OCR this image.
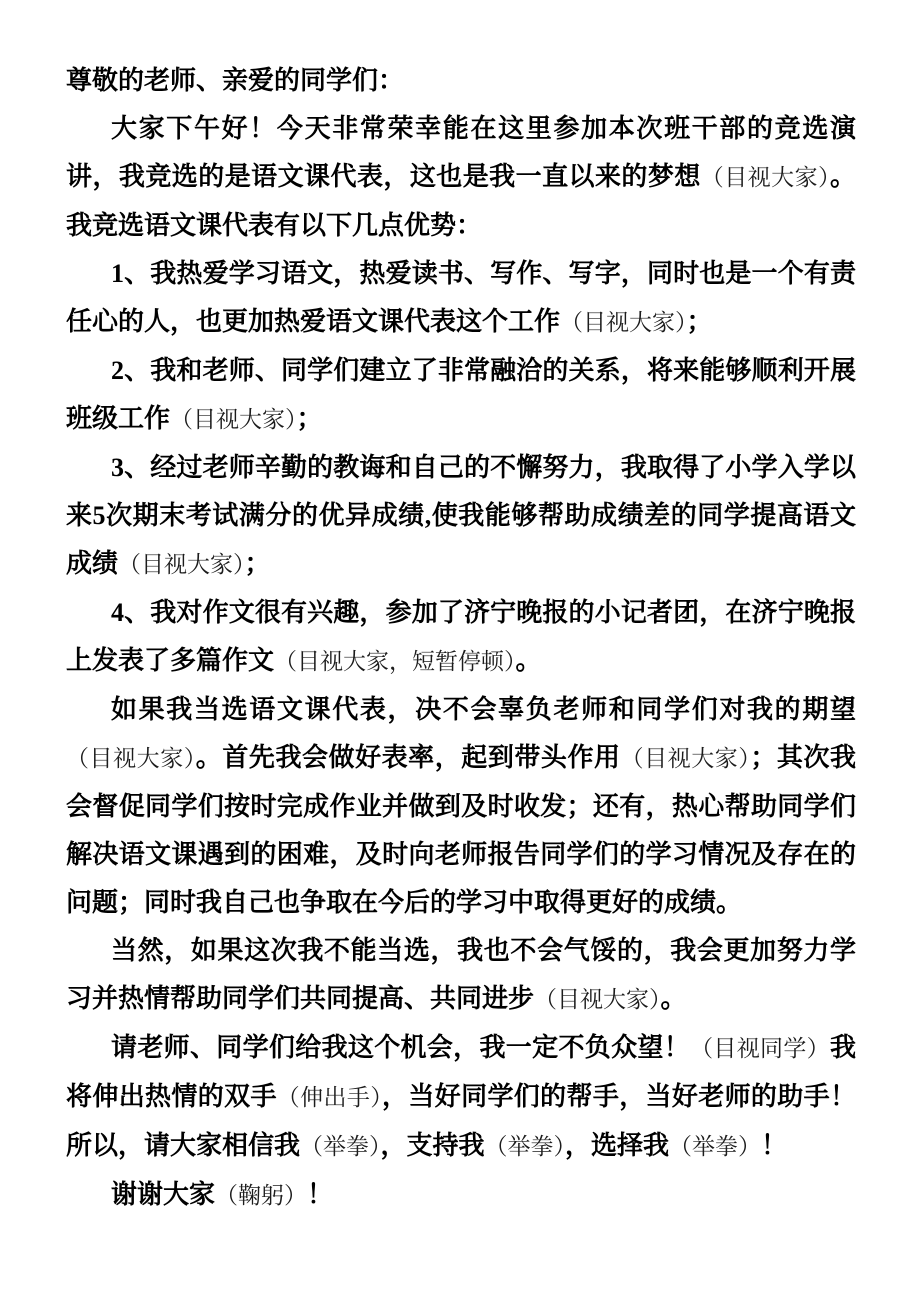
尊敬的老师、亲爱的同学们：

大家下午好！今天非常荣幸能在这里参加本次班干部的竞选演讲，我竞选的是语文课代表，这也是我一直以来的梦想（目视大家）。我竞选语文课代表有以下几点优势：

1、我热爱学习语文，热爱读书、写作、写字，同时也是一个有责任心的人，也更加热爱语文课代表这个工作（目视大家）；

2、我和老师、同学们建立了非常融洽的关系，将来能够顺利开展班级工作（目视大家）；

3、经过老师辛勤的教诲和自己的不懈努力，我取得了小学入学以来5次期末考试满分的优异成绩,使我能够帮助成绩差的同学提高语文成绩（目视大家）；

4、我对作文很有兴趣，参加了济宁晚报的小记者团，在济宁晚报上发表了多篇作文（目视大家，短暂停顿）。

如果我当选语文课代表，决不会辜负老师和同学们对我的期望（目视大家）。首先我会做好表率，起到带头作用（目视大家）；其次我会督促同学们按时完成作业并做到及时收发；还有，热心帮助同学们解决语文课遇到的困难，及时向老师报告同学们的学习情况及存在的问题；同时我自己也争取在今后的学习中取得更好的成绩。

当然，如果这次我不能当选，我也不会气馁的，我会更加努力学习并热情帮助同学们共同提高、共同进步（目视大家）。

请老师、同学们给我这个机会，我一定不负众望！（目视同学）我将伸出热情的双手（伸出手），当好同学们的帮手，当好老师的助手！所以，请大家相信我（举拳），支持我（举拳），选择我（举拳）！

谢谢大家（鞠躬）！
